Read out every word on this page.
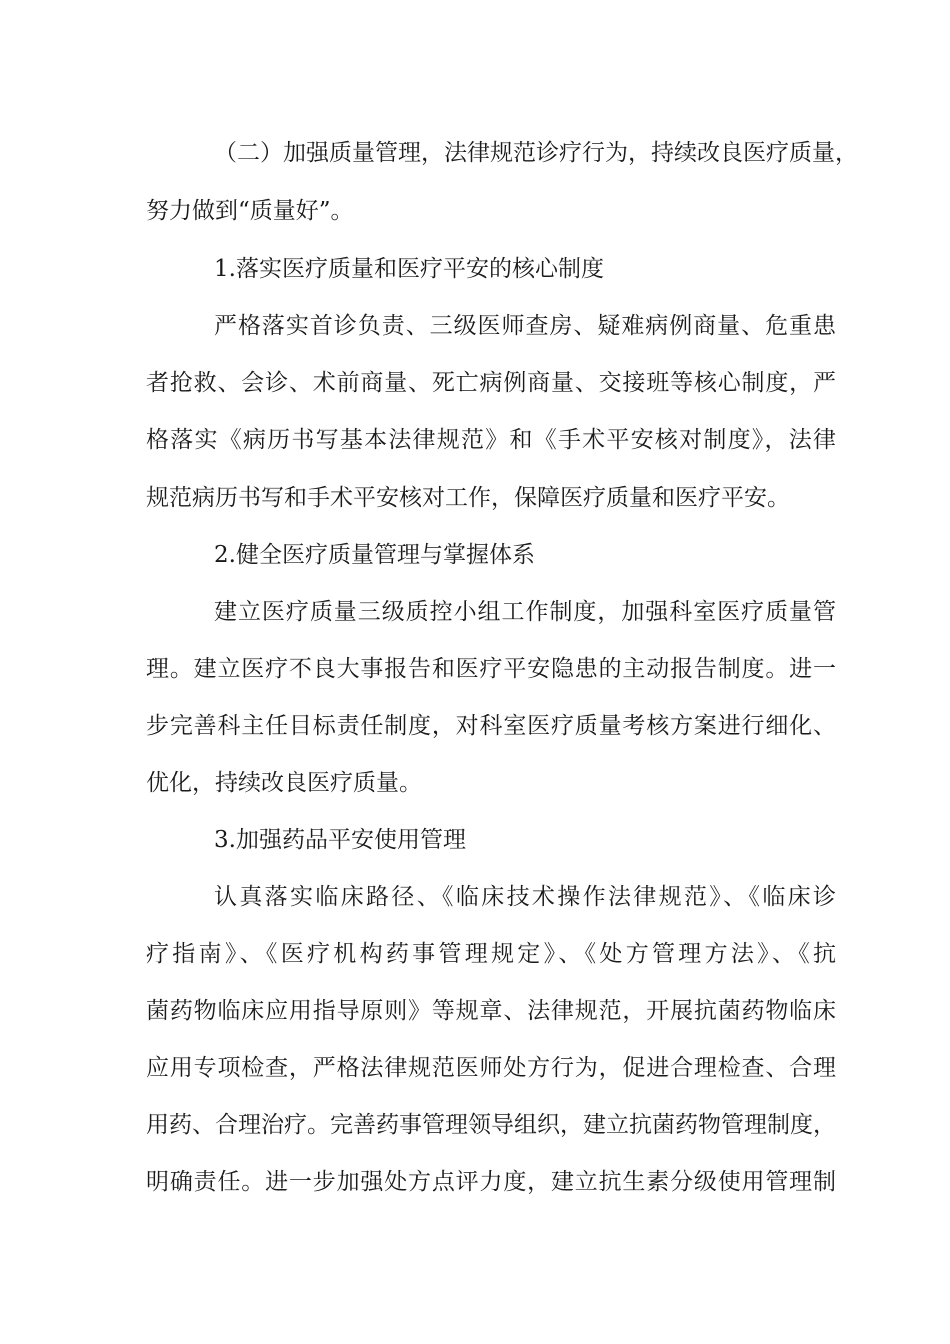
（二）加强质量管理，法律规范诊疗行为，持续改良医疗质量，
努力做到“质量好”。
1.落实医疗质量和医疗平安的核心制度
严格落实首诊负责、三级医师查房、疑难病例商量、危重患
者抢救、会诊、术前商量、死亡病例商量、交接班等核心制度，严
格落实《病历书写基本法律规范》和《手术平安核对制度》，法律
规范病历书写和手术平安核对工作，保障医疗质量和医疗平安。
2.健全医疗质量管理与掌握体系
建立医疗质量三级质控小组工作制度，加强科室医疗质量管
理。建立医疗不良大事报告和医疗平安隐患的主动报告制度。进一
步完善科主任目标责任制度，对科室医疗质量考核方案进行细化、
优化，持续改良医疗质量。
3.加强药品平安使用管理
认真落实临床路径、《临床技术操作法律规范》、《临床诊
疗指南》、《医疗机构药事管理规定》、《处方管理方法》、《抗
菌药物临床应用指导原则》等规章、法律规范，开展抗菌药物临床
应用专项检查，严格法律规范医师处方行为，促进合理检查、合理
用药、合理治疗。完善药事管理领导组织，建立抗菌药物管理制度，
明确责任。进一步加强处方点评力度，建立抗生素分级使用管理制
